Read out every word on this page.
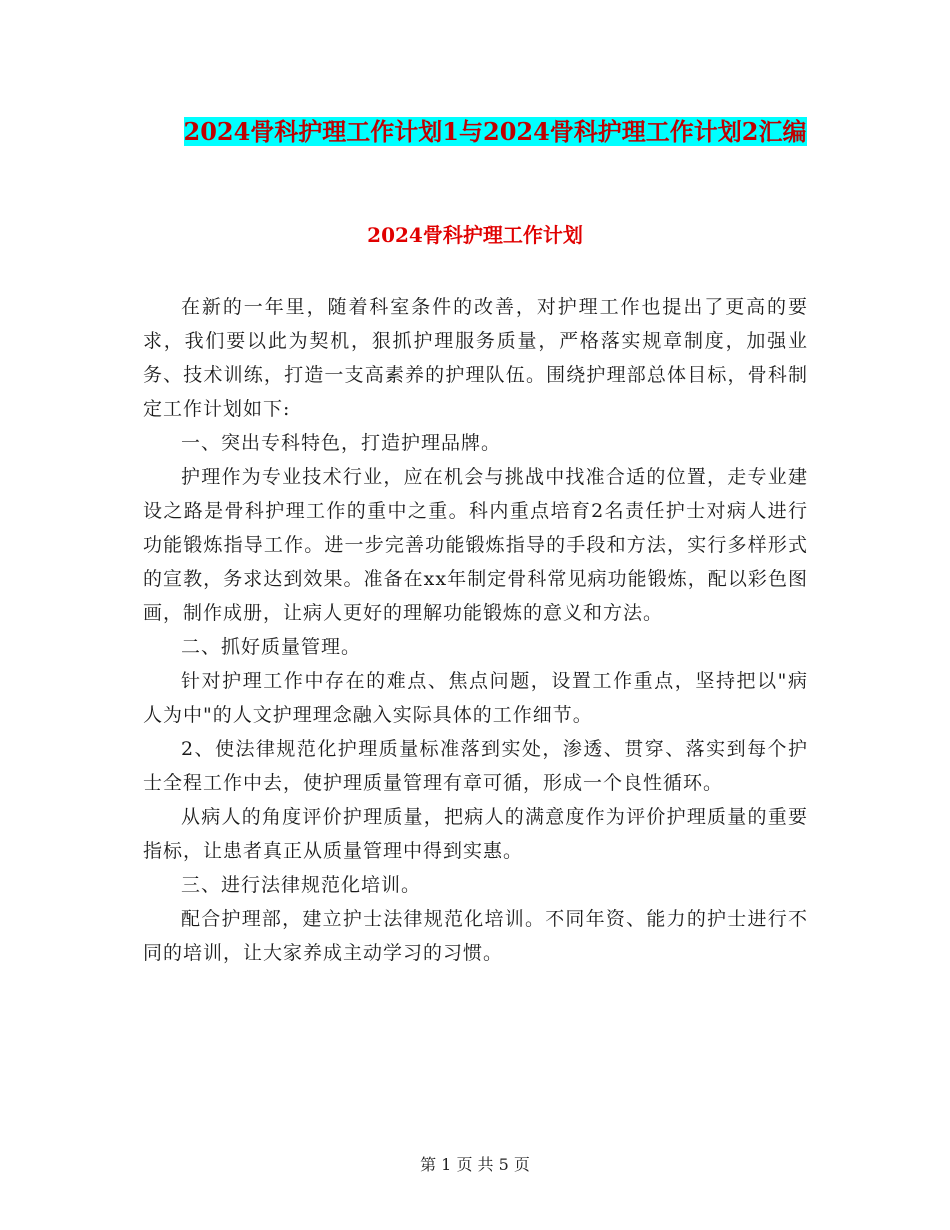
2024骨科护理工作计划1与2024骨科护理工作计划2汇编
2024骨科护理工作计划

在新的一年里，随着科室条件的改善，对护理工作也提出了更高的要求，我们要以此为契机，狠抓护理服务质量，严格落实规章制度，加强业务、技术训练，打造一支高素养的护理队伍。围绕护理部总体目标，骨科制定工作计划如下:

一、突出专科特色，打造护理品牌。

护理作为专业技术行业，应在机会与挑战中找准合适的位置，走专业建设之路是骨科护理工作的重中之重。科内重点培育2名责任护士对病人进行功能锻炼指导工作。进一步完善功能锻炼指导的手段和方法，实行多样形式的宣教，务求达到效果。准备在xx年制定骨科常见病功能锻炼，配以彩色图画，制作成册，让病人更好的理解功能锻炼的意义和方法。

二、抓好质量管理。

针对护理工作中存在的难点、焦点问题，设置工作重点，坚持把以"病人为中"的人文护理理念融入实际具体的工作细节。

2、使法律规范化护理质量标准落到实处，渗透、贯穿、落实到每个护士全程工作中去，使护理质量管理有章可循，形成一个良性循环。

从病人的角度评价护理质量，把病人的满意度作为评价护理质量的重要指标，让患者真正从质量管理中得到实惠。

三、进行法律规范化培训。

配合护理部，建立护士法律规范化培训。不同年资、能力的护士进行不同的培训，让大家养成主动学习的习惯。

第 1 页 共 5 页
